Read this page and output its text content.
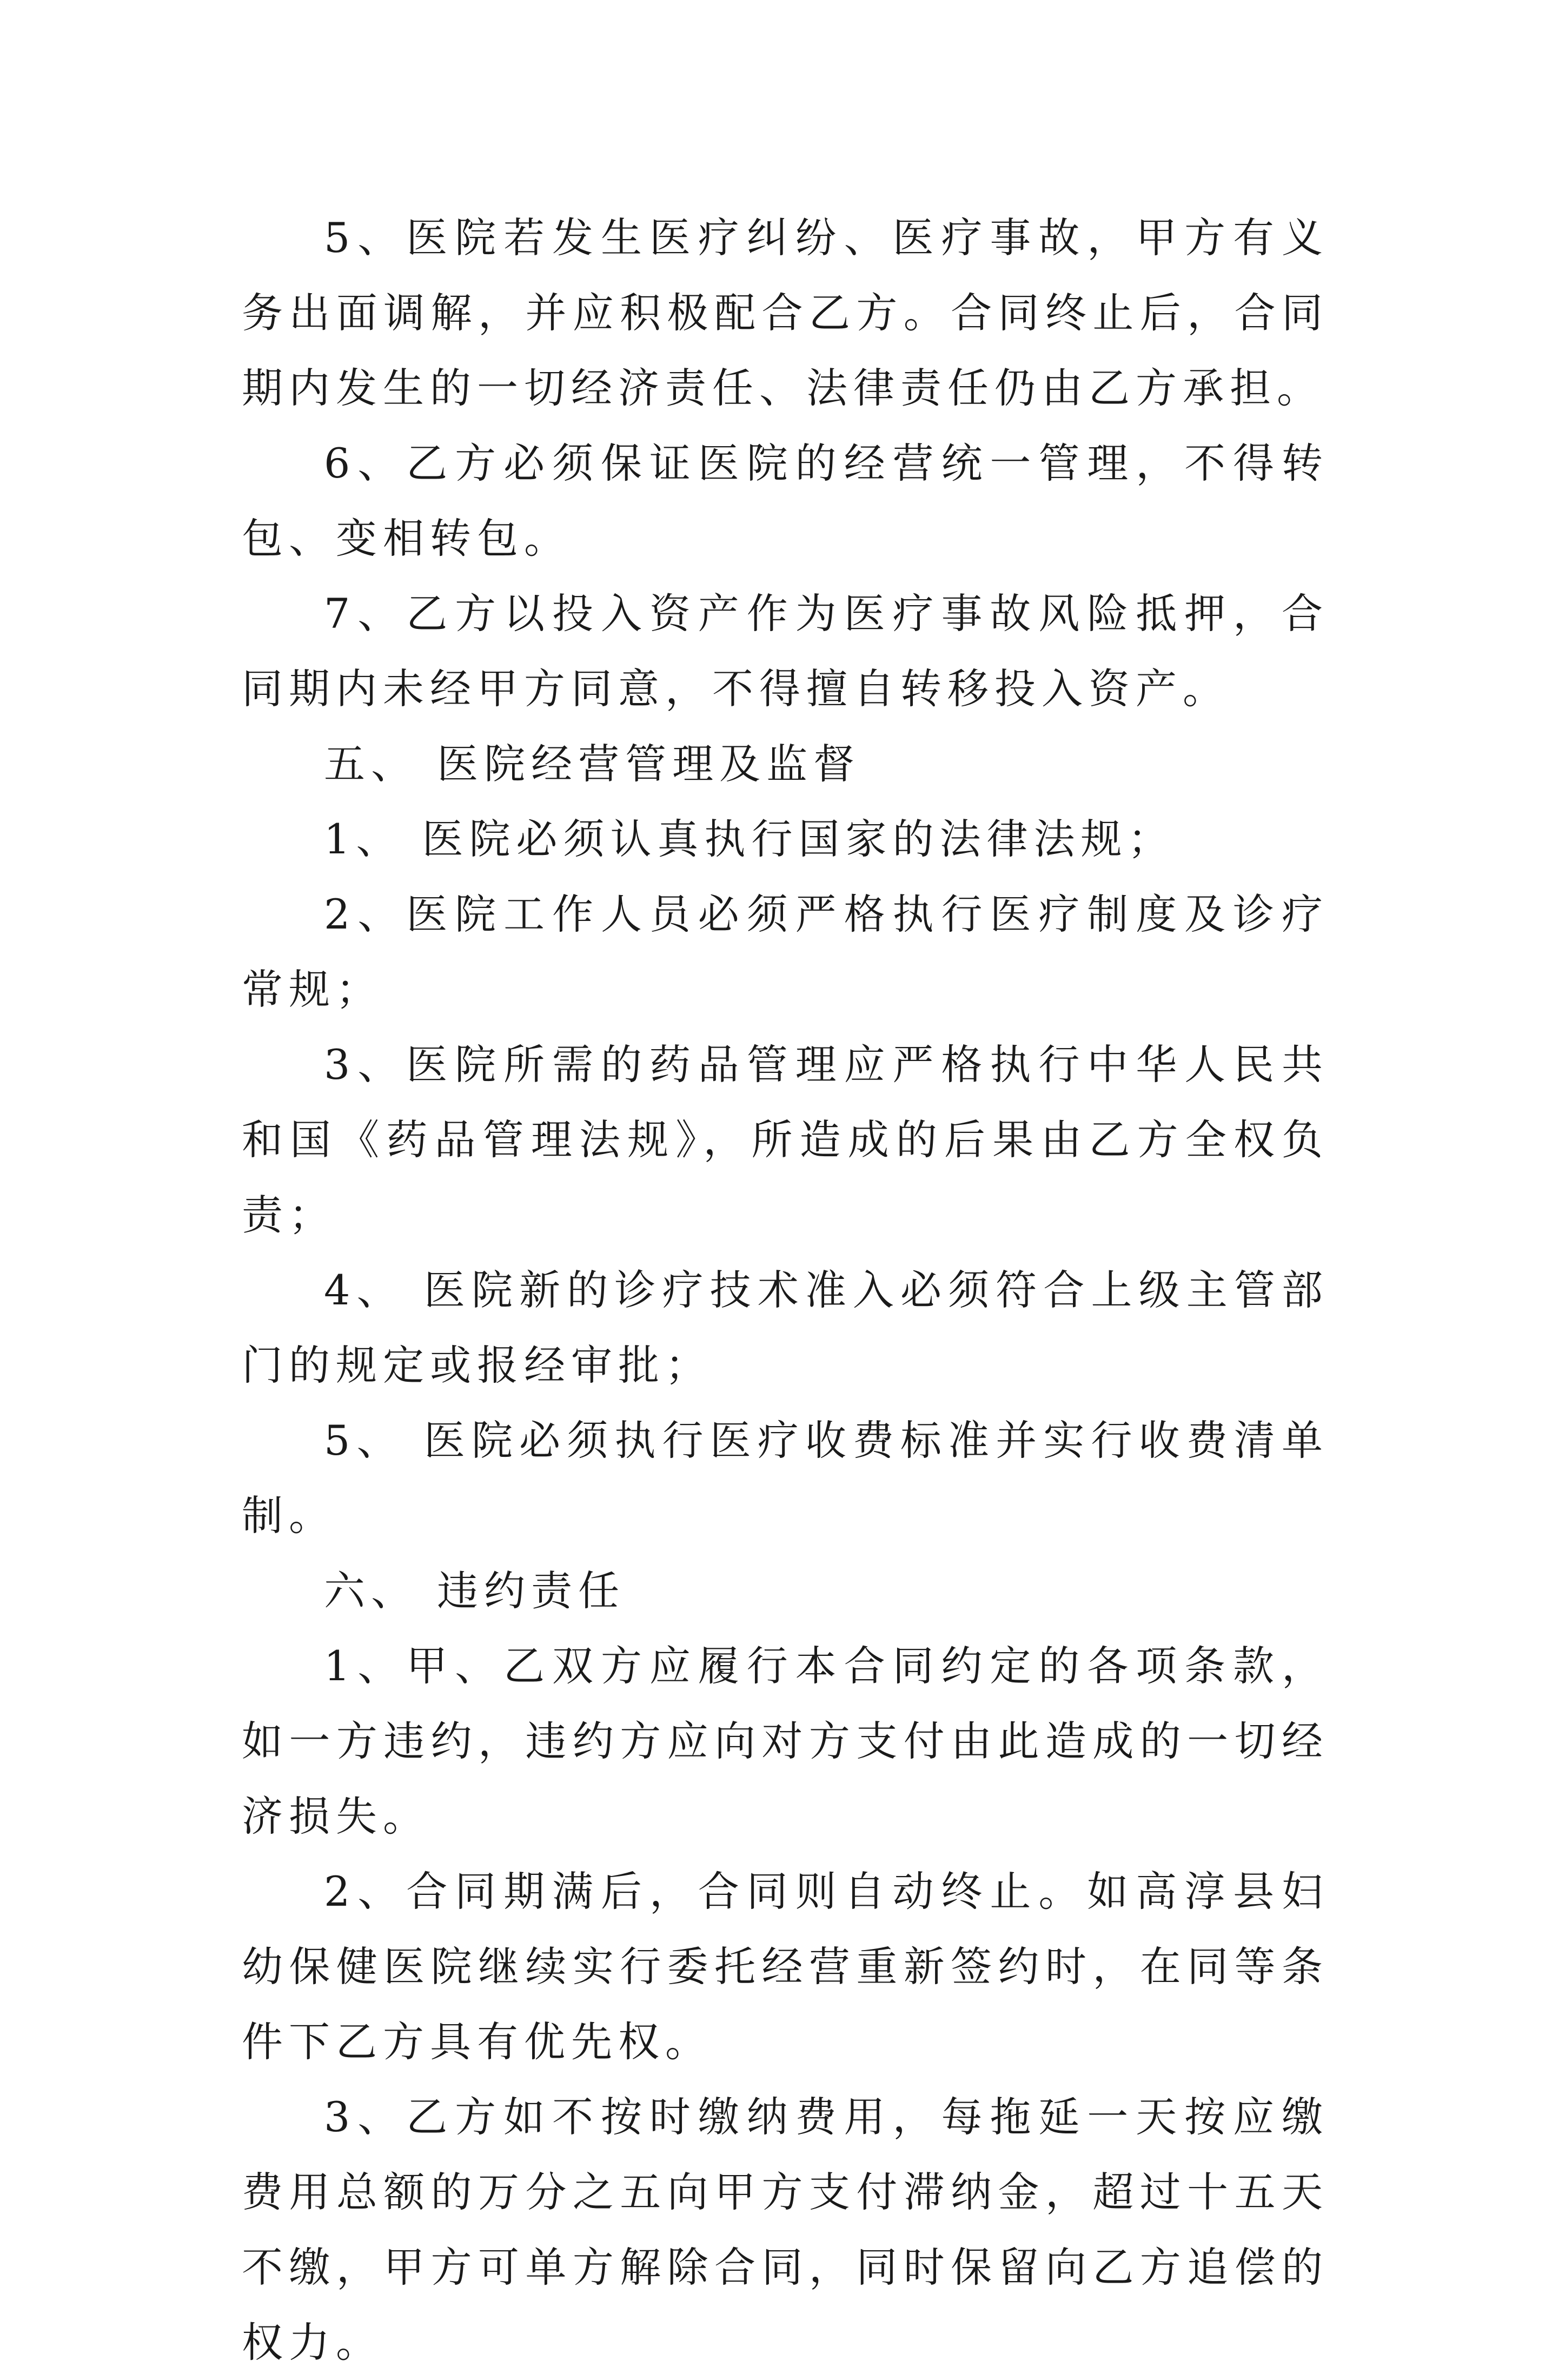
5、医院若发生医疗纠纷、医疗事故，甲方有义务出面调解，并应积极配合乙方。合同终止后，合同期内发生的一切经济责任、法律责任仍由乙方承担。

6、乙方必须保证医院的经营统一管理，不得转包、变相转包。

7、乙方以投入资产作为医疗事故风险抵押，合同期内未经甲方同意，不得擅自转移投入资产。

五、 医院经营管理及监督

1、 医院必须认真执行国家的法律法规；

2、医院工作人员必须严格执行医疗制度及诊疗常规；

3、医院所需的药品管理应严格执行中华人民共和国《药品管理法规》，所造成的后果由乙方全权负责；

4、 医院新的诊疗技术准入必须符合上级主管部门的规定或报经审批；

5、 医院必须执行医疗收费标准并实行收费清单制。

六、 违约责任

1、甲、乙双方应履行本合同约定的各项条款，如一方违约，违约方应向对方支付由此造成的一切经济损失。

2、合同期满后，合同则自动终止。如高淳县妇幼保健医院继续实行委托经营重新签约时，在同等条件下乙方具有优先权。

3、乙方如不按时缴纳费用，每拖延一天按应缴费用总额的万分之五向甲方支付滞纳金，超过十五天不缴，甲方可单方解除合同，同时保留向乙方追偿的权力。
